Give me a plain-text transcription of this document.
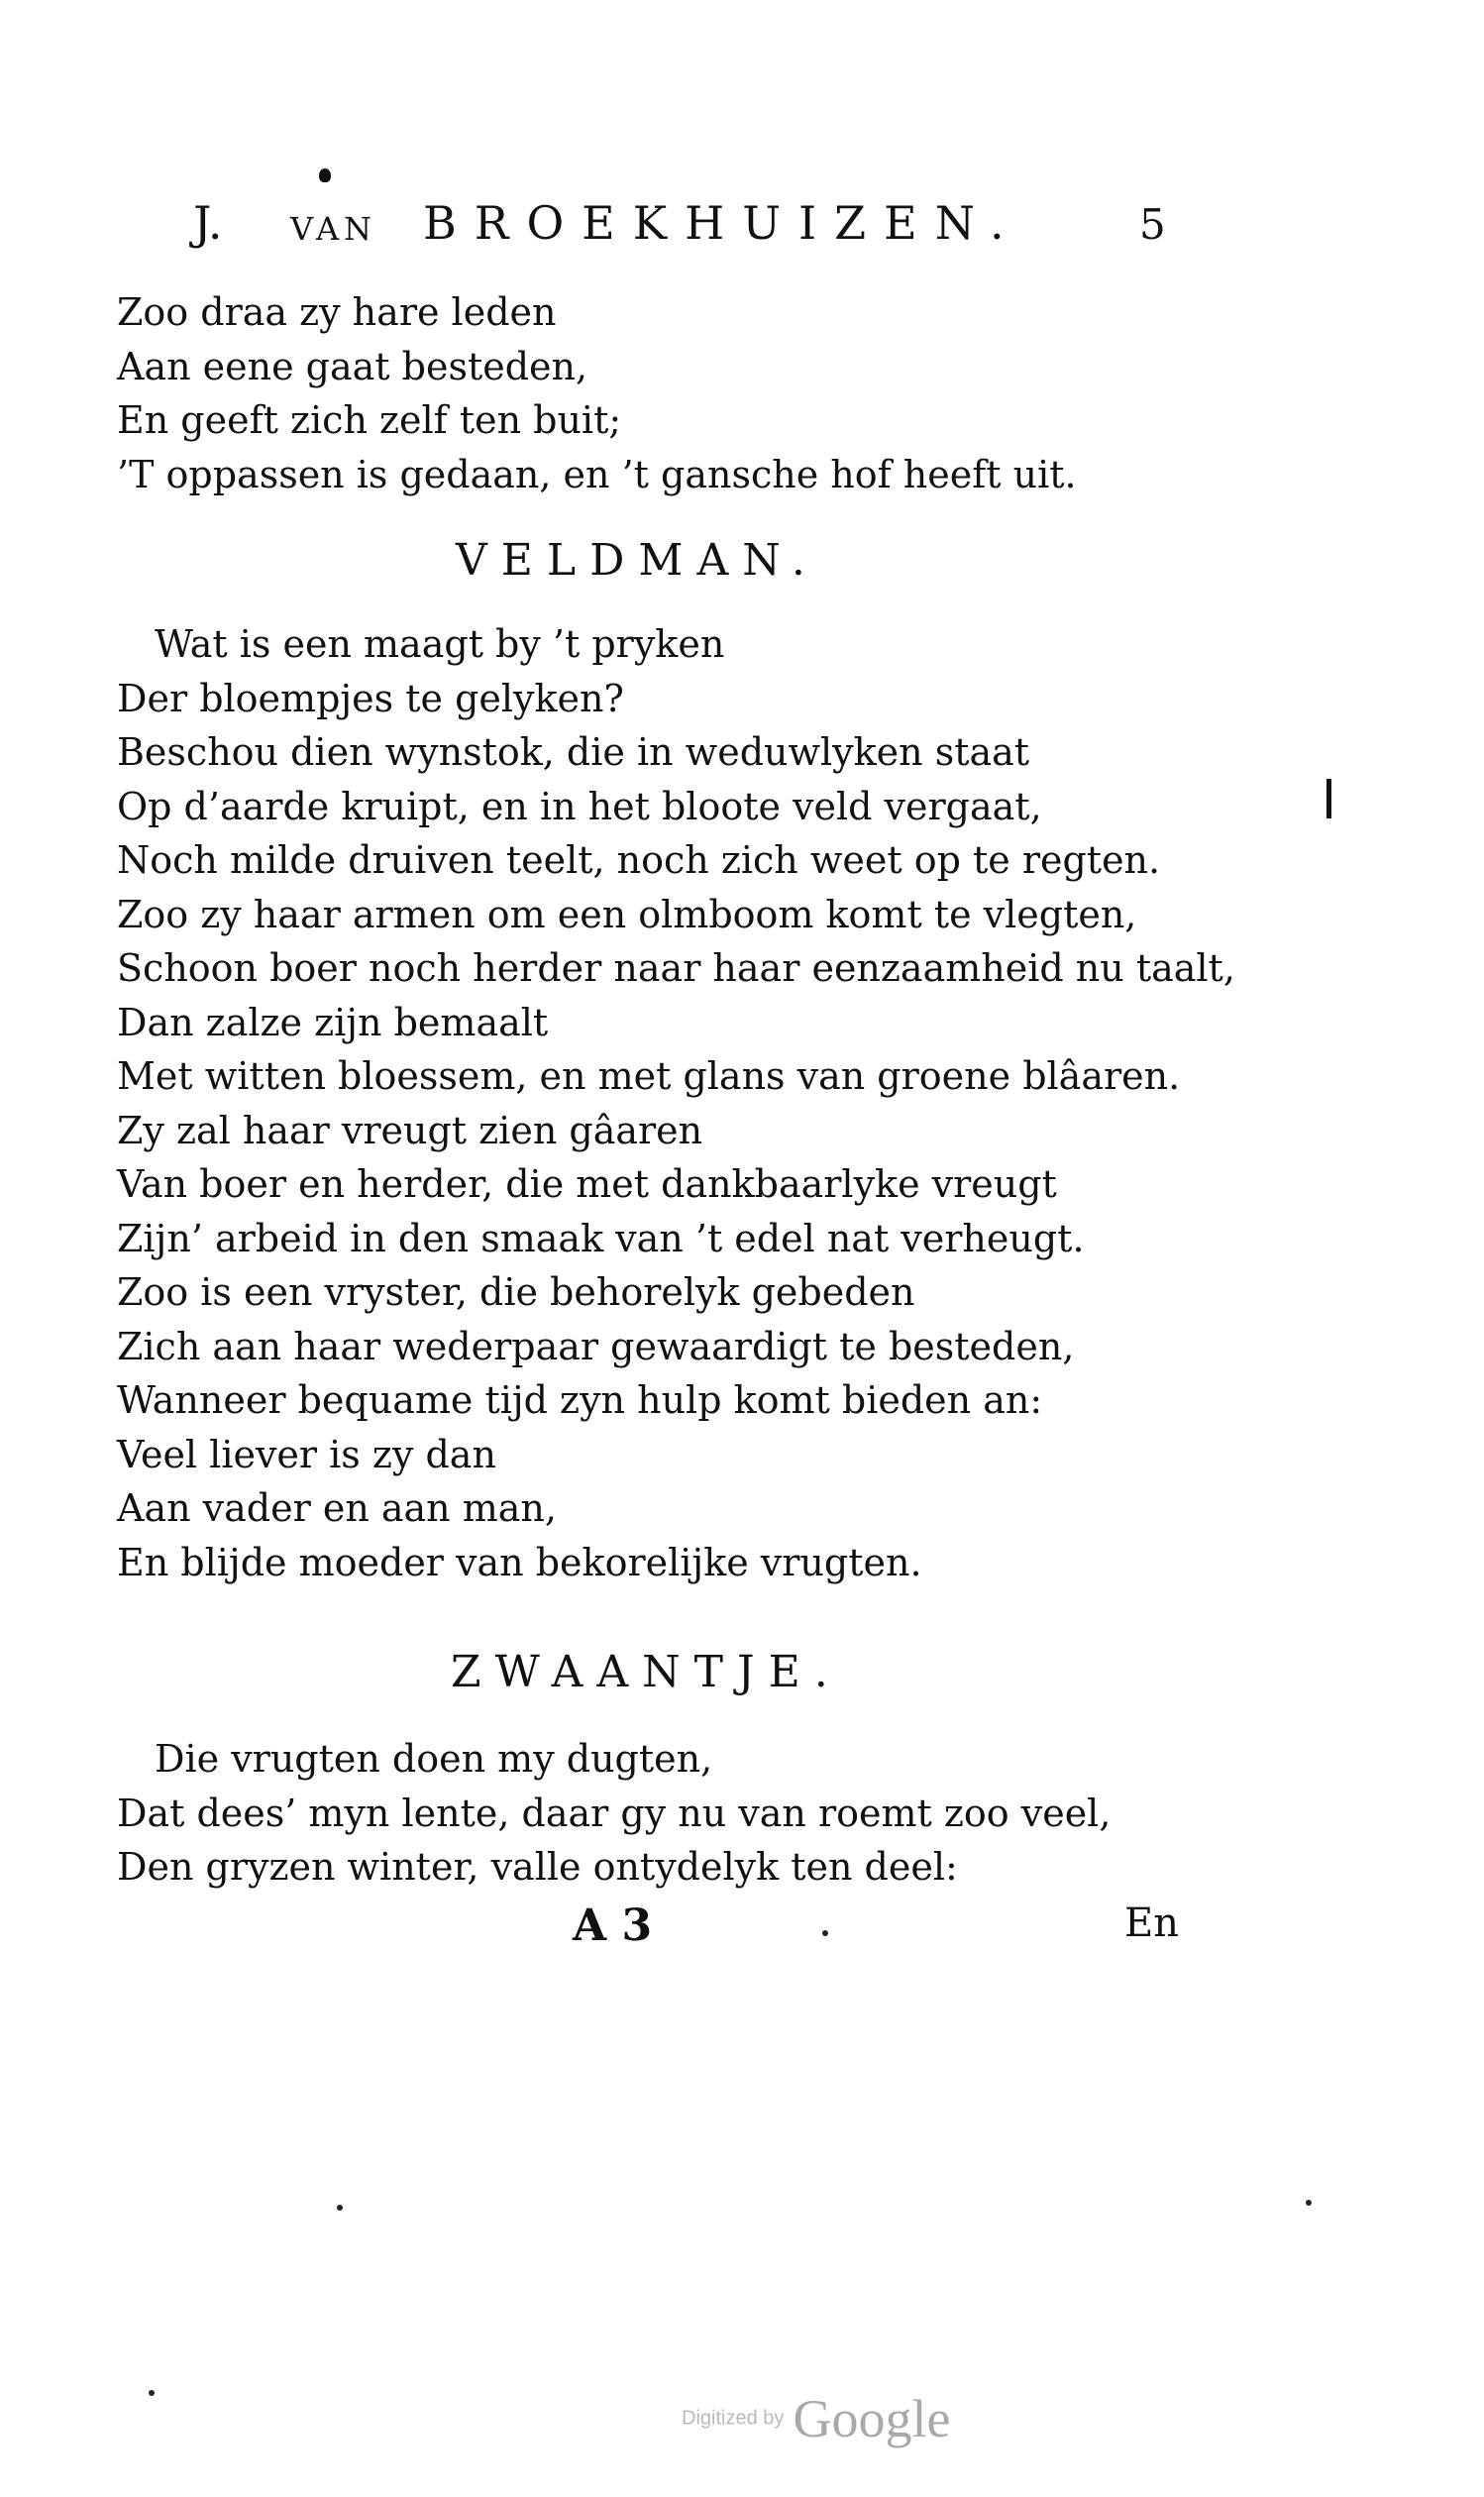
J. VAN BROEKHUIZEN.	5
Zoo draa zy hare leden
Aan eene gaat besteden,
En geeft zich zelf ten buit;
’T oppassen is gedaan, en ’t gansche hof heeft uit.
VELDMAN.
Wat is een maagt by ’t pryken
Der bloempjes te gelyken?
Beschou dien wynstok, die in weduwlyken staat
Op d’aarde kruipt, en in het bloote veld vergaat,
Noch milde druiven teelt, noch zich weet op te regten.
Zoo zy haar armen om een olmboom komt te vlegten,
Schoon boer noch herder naar haar eenzaamheid nu taalt,
Dan zalze zijn bemaalt
Met witten bloessem, en met glans van groene blâaren.
Zy zal haar vreugt zien gâaren
Van boer en herder, die met dankbaarlyke vreugt
Zijn’ arbeid in den smaak van ’t edel nat verheugt.
Zoo is een vryster, die behorelyk gebeden
Zich aan haar wederpaar gewaardigt te besteden,
Wanneer bequame tijd zyn hulp komt bieden an:
Veel liever is zy dan
Aan vader en aan man,
En blijde moeder van bekorelijke vrugten.
ZWAANTJE.
Die vrugten doen my dugten,
Dat dees’ myn lente, daar gy nu van roemt zoo veel,
Den gryzen winter, valle ontydelyk ten deel:
A 3	En
Digitized by Google
